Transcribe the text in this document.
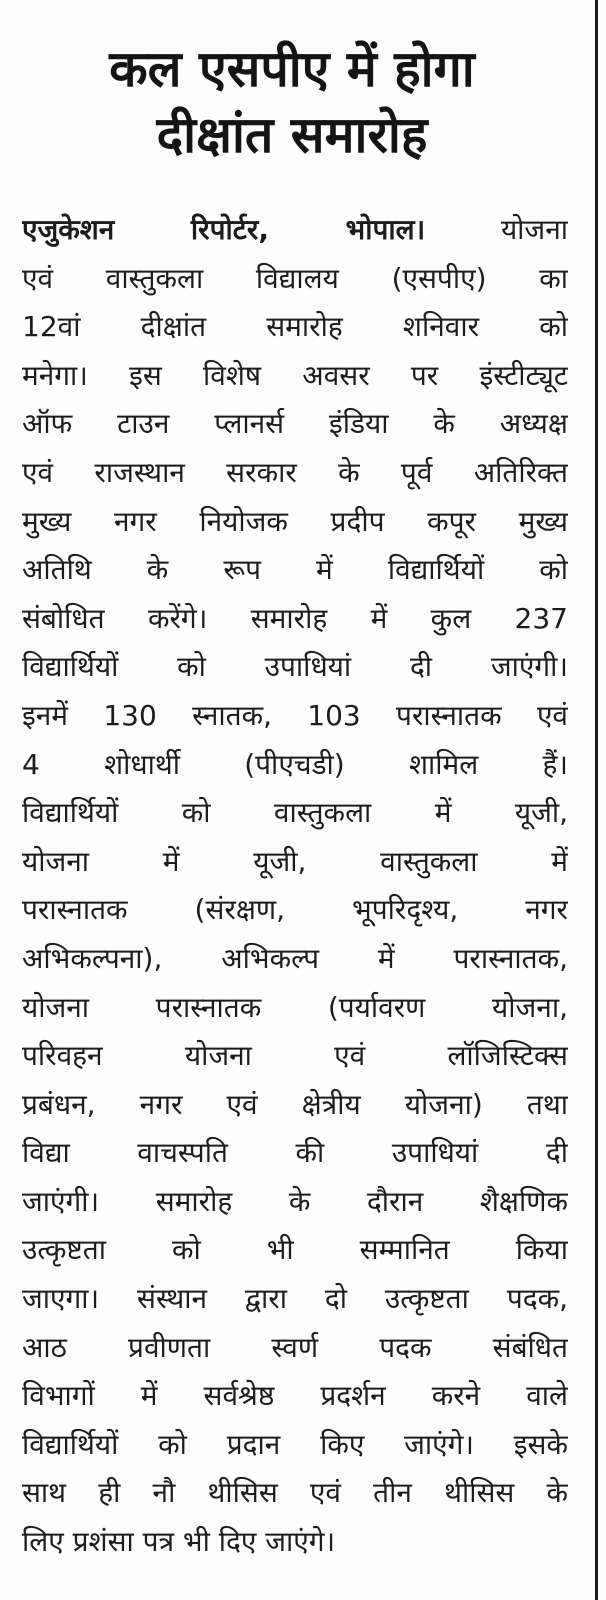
कल एसपीए में होगा
दीक्षांत समारोह
एजुकेशन रिपोर्टर, भोपाल।	योजना
एवं वास्तुकला विद्यालय (एसपीए) का
12वां दीक्षांत समारोह शनिवार को
मनेगा। इस विशेष अवसर पर इंस्टीट्यूट
ऑफ टाउन प्लानर्स इंडिया के अध्यक्ष
एवं राजस्थान सरकार के पूर्व अतिरिक्त
मुख्य नगर नियोजक प्रदीप कपूर मुख्य
अतिथि के रूप में विद्यार्थियों को
संबोधित करेंगे। समारोह में कुल 237
विद्यार्थियों को उपाधियां दी जाएंगी।
इनमें 130 स्नातक, 103 परास्नातक एवं
4 शोधार्थी (पीएचडी) शामिल हैं।
विद्यार्थियों को वास्तुकला में यूजी,
योजना में यूजी, वास्तुकला में
परास्नातक (संरक्षण, भूपरिदृश्य, नगर
अभिकल्पना), अभिकल्प में परास्नातक,
योजना परास्नातक (पर्यावरण योजना,
परिवहन योजना एवं लॉजिस्टिक्स
प्रबंधन, नगर एवं क्षेत्रीय योजना) तथा
विद्या वाचस्पति की उपाधियां दी
जाएंगी। समारोह के दौरान शैक्षणिक
उत्कृष्टता को भी सम्मानित किया
जाएगा। संस्थान द्वारा दो उत्कृष्टता पदक,
आठ प्रवीणता स्वर्ण पदक संबंधित
विभागों में सर्वश्रेष्ठ प्रदर्शन करने वाले
विद्यार्थियों को प्रदान किए जाएंगे। इसके
साथ ही नौ थीसिस एवं तीन थीसिस के
लिए प्रशंसा पत्र भी दिए जाएंगे।
